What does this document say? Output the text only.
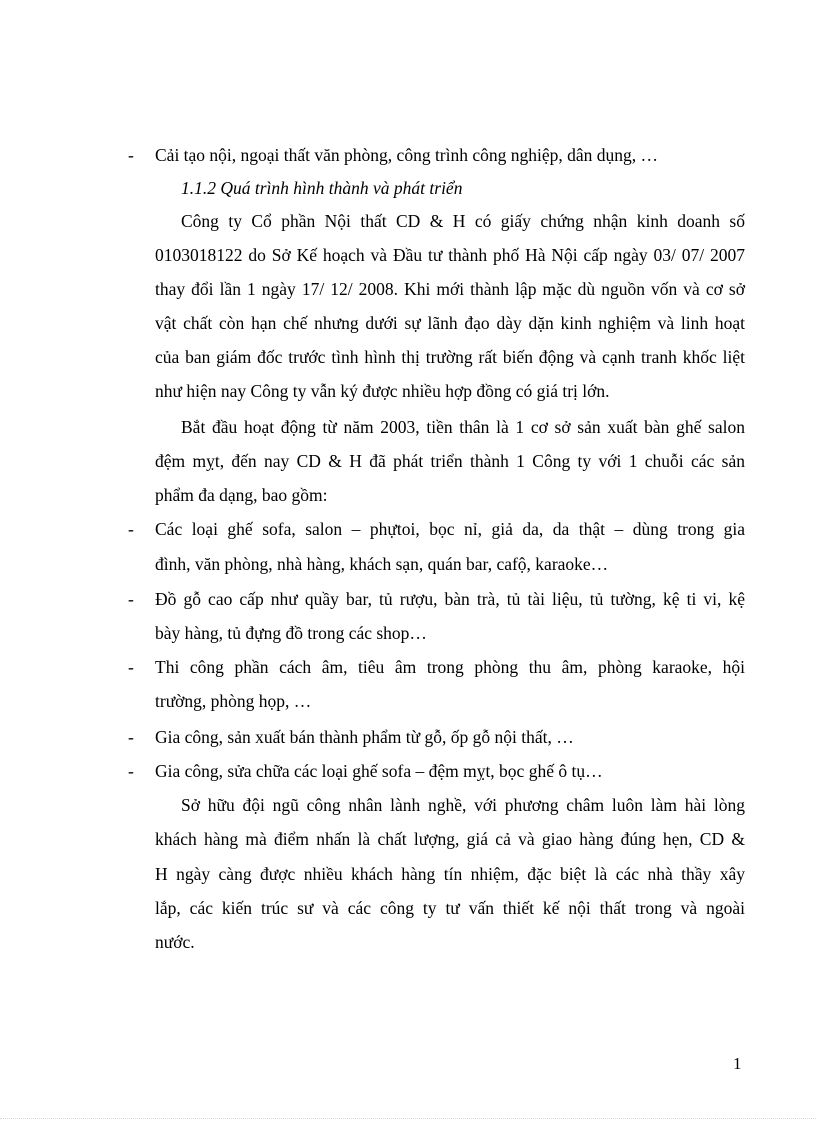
- Cải tạo nội, ngoại thất văn phòng, công trình công nghiệp, dân dụng, …
1.1.2 Quá trình hình thành và phát triển
Công ty Cổ phần Nội thất CD & H có giấy chứng nhận kinh doanh số
0103018122 do Sở Kế hoạch và Đầu tư thành phố Hà Nội cấp ngày 03/ 07/ 2007
thay đổi lần 1 ngày 17/ 12/ 2008. Khi mới thành lập mặc dù nguồn vốn và cơ sở
vật chất còn hạn chế nhưng dưới sự lãnh đạo dày dặn kinh nghiệm và linh hoạt
của ban giám đốc trước tình hình thị trường rất biến động và cạnh tranh khốc liệt
như hiện nay Công ty vẫn ký được nhiều hợp đồng có giá trị lớn.
Bắt đầu hoạt động từ năm 2003, tiền thân là 1 cơ sở sản xuất bàn ghế salon
đệm mỵt, đến nay CD & H đã phát triển thành 1 Công ty với 1 chuỗi các sản
phẩm đa dạng, bao gồm:
- Các loại ghế sofa, salon – phựtoi, bọc nỉ, giả da, da thật – dùng trong gia
đình, văn phòng, nhà hàng, khách sạn, quán bar, cafộ, karaoke…
- Đồ gỗ cao cấp như quầy bar, tủ rượu, bàn trà, tủ tài liệu, tủ tường, kệ ti vi, kệ
bày hàng, tủ đựng đồ trong các shop…
- Thi công phần cách âm, tiêu âm trong phòng thu âm, phòng karaoke, hội
trường, phòng họp, …
- Gia công, sản xuất bán thành phẩm từ gỗ, ốp gỗ nội thất, …
- Gia công, sửa chữa các loại ghế sofa – đệm mỵt, bọc ghế ô tụ…
Sở hữu đội ngũ công nhân lành nghề, với phương châm luôn làm hài lòng
khách hàng mà điểm nhấn là chất lượng, giá cả và giao hàng đúng hẹn, CD &
H ngày càng được nhiều khách hàng tín nhiệm, đặc biệt là các nhà thầy xây
lắp, các kiến trúc sư và các công ty tư vấn thiết kế nội thất trong và ngoài
nước.
1
